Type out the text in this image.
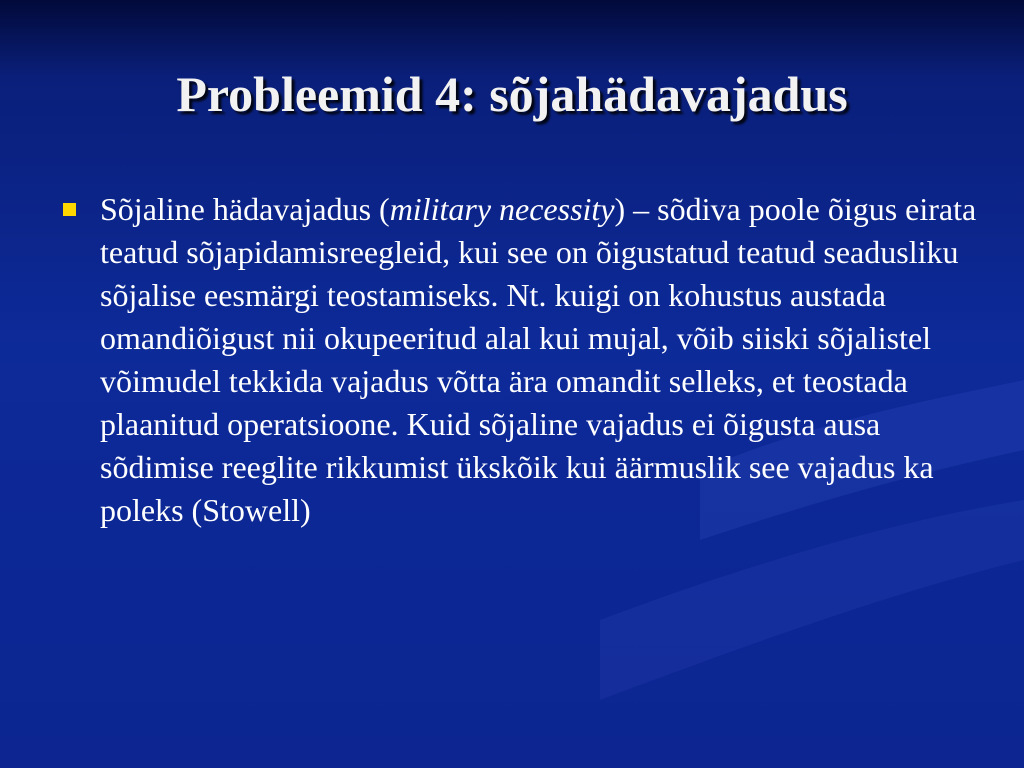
Probleemid 4: sõjahädavajadus
Sõjaline hädavajadus (military necessity) – sõdiva poole õigus eirata teatud sõjapidamisreegleid, kui see on õigustatud teatud seadusliku sõjalise eesmärgi teostamiseks. Nt. kuigi on kohustus austada omandiõigust nii okupeeritud alal kui mujal, võib siiski sõjalistel võimudel tekkida vajadus võtta ära omandit selleks, et teostada plaanitud operatsioone. Kuid sõjaline vajadus ei õigusta ausa sõdimise reeglite rikkumist ükskõik kui äärmuslik see vajadus ka poleks (Stowell)
